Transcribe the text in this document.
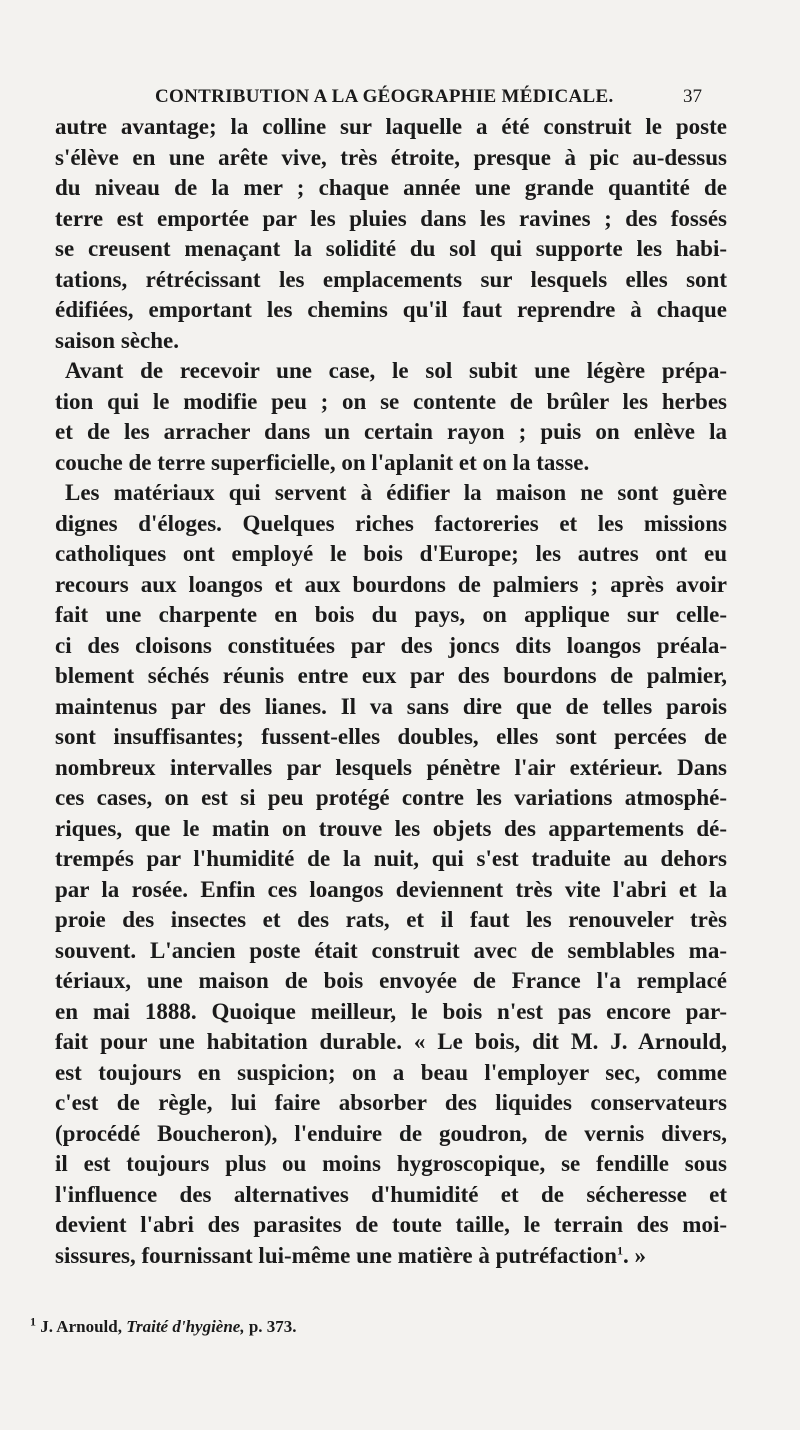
CONTRIBUTION A LA GÉOGRAPHIE MÉDICALE.	37
autre avantage; la colline sur laquelle a été construit le poste
s'élève en une arête vive, très étroite, presque à pic au-dessus
du niveau de la mer ; chaque année une grande quantité de
terre est emportée par les pluies dans les ravines ; des fossés
se creusent menaçant la solidité du sol qui supporte les habi-
tations, rétrécissant les emplacements sur lesquels elles sont
édifiées, emportant les chemins qu'il faut reprendre à chaque
saison sèche.
Avant de recevoir une case, le sol subit une légère prépa-
tion qui le modifie peu ; on se contente de brûler les herbes
et de les arracher dans un certain rayon ; puis on enlève la
couche de terre superficielle, on l'aplanit et on la tasse.
Les matériaux qui servent à édifier la maison ne sont guère
dignes d'éloges. Quelques riches factoreries et les missions
catholiques ont employé le bois d'Europe; les autres ont eu
recours aux loangos et aux bourdons de palmiers ; après avoir
fait une charpente en bois du pays, on applique sur celle-
ci des cloisons constituées par des joncs dits loangos préala-
blement séchés réunis entre eux par des bourdons de palmier,
maintenus par des lianes. Il va sans dire que de telles parois
sont insuffisantes; fussent-elles doubles, elles sont percées de
nombreux intervalles par lesquels pénètre l'air extérieur. Dans
ces cases, on est si peu protégé contre les variations atmosphé-
riques, que le matin on trouve les objets des appartements dé-
trempés par l'humidité de la nuit, qui s'est traduite au dehors
par la rosée. Enfin ces loangos deviennent très vite l'abri et la
proie des insectes et des rats, et il faut les renouveler très
souvent. L'ancien poste était construit avec de semblables ma-
tériaux, une maison de bois envoyée de France l'a remplacé
en mai 1888. Quoique meilleur, le bois n'est pas encore par-
fait pour une habitation durable. « Le bois, dit M. J. Arnould,
est toujours en suspicion; on a beau l'employer sec, comme
c'est de règle, lui faire absorber des liquides conservateurs
(procédé Boucheron), l'enduire de goudron, de vernis divers,
il est toujours plus ou moins hygroscopique, se fendille sous
l'influence des alternatives d'humidité et de sécheresse et
devient l'abri des parasites de toute taille, le terrain des moi-
sissures, fournissant lui-même une matière à putréfaction$^1$. »
$^1$ J. Arnould, Traité d'hygiène, p. 373.
